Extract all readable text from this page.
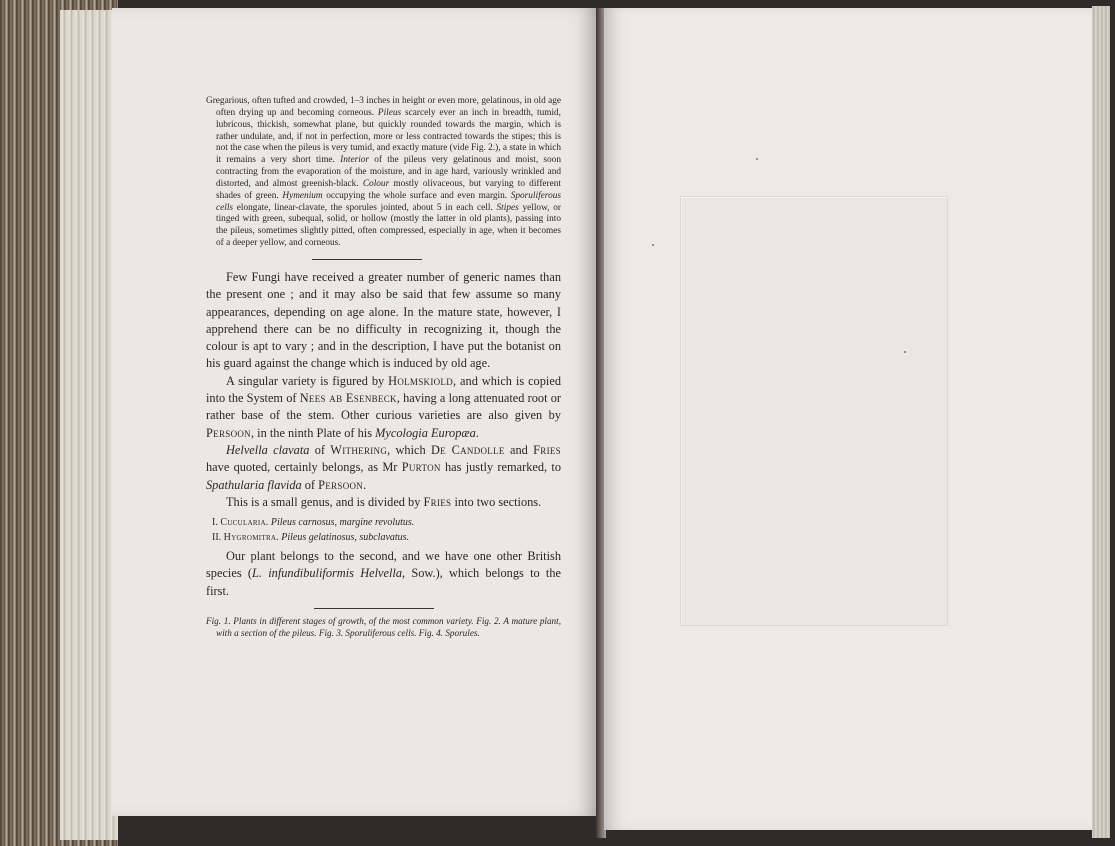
Gregarious, often tufted and crowded, 1–3 inches in height or even more, gelatinous, in old age often drying up and becoming corneous. Pileus scarcely ever an inch in breadth, tumid, lubricous, thickish, somewhat plane, but quickly rounded towards the margin, which is rather undulate, and, if not in perfection, more or less contracted towards the stipes; this is not the case when the pileus is very tumid, and exactly mature (vide Fig. 2.), a state in which it remains a very short time. Interior of the pileus very gelatinous and moist, soon contracting from the evaporation of the moisture, and in age hard, variously wrinkled and distorted, and almost greenish-black. Colour mostly olivaceous, but varying to different shades of green. Hymenium occupying the whole surface and even margin. Sporuliferous cells elongate, linear-clavate, the sporules jointed, about 5 in each cell. Stipes yellow, or tinged with green, subequal, solid, or hollow (mostly the latter in old plants), passing into the pileus, sometimes slightly pitted, often compressed, especially in age, when it becomes of a deeper yellow, and corneous.

Few Fungi have received a greater number of generic names than the present one ; and it may also be said that few assume so many appearances, depending on age alone. In the mature state, however, I apprehend there can be no difficulty in recognizing it, though the colour is apt to vary ; and in the description, I have put the botanist on his guard against the change which is induced by old age.

A singular variety is figured by Holmskiold, and which is copied into the System of Nees ab Esenbeck, having a long attenuated root or rather base of the stem. Other curious varieties are also given by Persoon, in the ninth Plate of his Mycologia Europæa.

Helvella clavata of Withering, which De Candolle and Fries have quoted, certainly belongs, as Mr Purton has justly remarked, to Spathularia flavida of Persoon.

This is a small genus, and is divided by Fries into two sections.

I. Cucularia. Pileus carnosus, margine revolutus.
II. Hygromitra. Pileus gelatinosus, subclavatus.

Our plant belongs to the second, and we have one other British species (L. infundibuliformis Helvella, Sow.), which belongs to the first.

Fig. 1. Plants in different stages of growth, of the most common variety. Fig. 2. A mature plant, with a section of the pileus. Fig. 3. Sporuliferous cells. Fig. 4. Sporules.
